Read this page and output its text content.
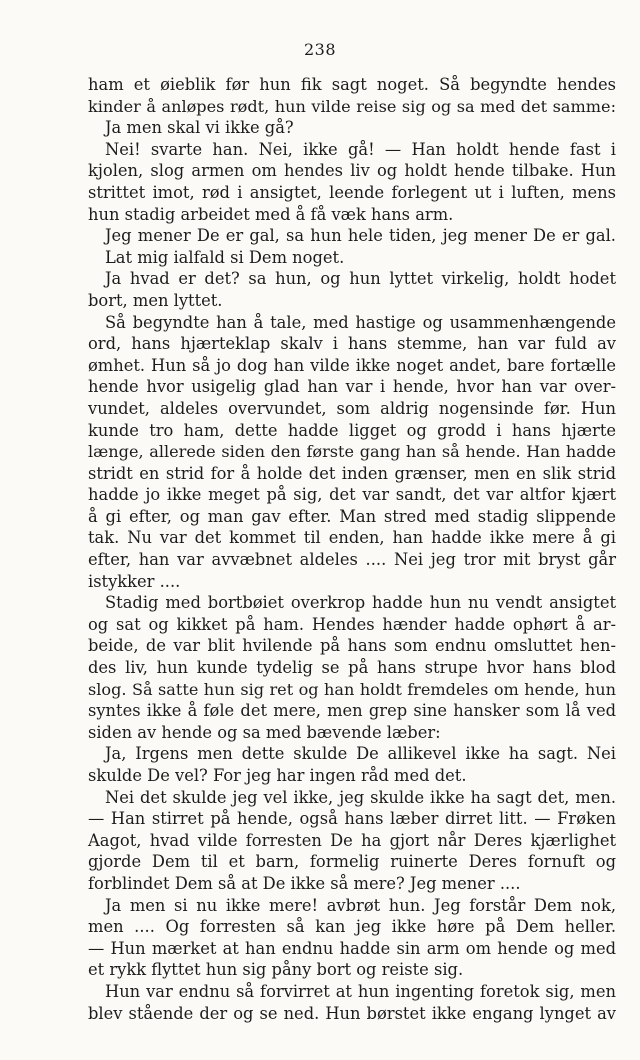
238
ham et øieblik før hun fik sagt noget. Så begyndte hendes
kinder å anløpes rødt, hun vilde reise sig og sa med det samme:
Ja men skal vi ikke gå?
Nei! svarte han. Nei, ikke gå! — Han holdt hende fast i
kjolen, slog armen om hendes liv og holdt hende tilbake. Hun
strittet imot, rød i ansigtet, leende forlegent ut i luften, mens
hun stadig arbeidet med å få væk hans arm.
Jeg mener De er gal, sa hun hele tiden, jeg mener De er gal.
Lat mig ialfald si Dem noget.
Ja hvad er det? sa hun, og hun lyttet virkelig, holdt hodet
bort, men lyttet.
Så begyndte han å tale, med hastige og usammenhængende
ord, hans hjærteklap skalv i hans stemme, han var fuld av
ømhet. Hun så jo dog han vilde ikke noget andet, bare fortælle
hende hvor usigelig glad han var i hende, hvor han var over-
vundet, aldeles overvundet, som aldrig nogensinde før. Hun
kunde tro ham, dette hadde ligget og grodd i hans hjærte
længe, allerede siden den første gang han så hende. Han hadde
stridt en strid for å holde det inden grænser, men en slik strid
hadde jo ikke meget på sig, det var sandt, det var altfor kjært
å gi efter, og man gav efter. Man stred med stadig slippende
tak. Nu var det kommet til enden, han hadde ikke mere å gi
efter, han var avvæbnet aldeles .... Nei jeg tror mit bryst går
istykker ....
Stadig med bortbøiet overkrop hadde hun nu vendt ansigtet
og sat og kikket på ham. Hendes hænder hadde ophørt å ar-
beide, de var blit hvilende på hans som endnu omsluttet hen-
des liv, hun kunde tydelig se på hans strupe hvor hans blod
slog. Så satte hun sig ret og han holdt fremdeles om hende, hun
syntes ikke å føle det mere, men grep sine hansker som lå ved
siden av hende og sa med bævende læber:
Ja, Irgens men dette skulde De allikevel ikke ha sagt. Nei
skulde De vel? For jeg har ingen råd med det.
Nei det skulde jeg vel ikke, jeg skulde ikke ha sagt det, men.
— Han stirret på hende, også hans læber dirret litt. — Frøken
Aagot, hvad vilde forresten De ha gjort når Deres kjærlighet
gjorde Dem til et barn, formelig ruinerte Deres fornuft og
forblindet Dem så at De ikke så mere? Jeg mener ....
Ja men si nu ikke mere! avbrøt hun. Jeg forstår Dem nok,
men .... Og forresten så kan jeg ikke høre på Dem heller.
— Hun mærket at han endnu hadde sin arm om hende og med
et rykk flyttet hun sig påny bort og reiste sig.
Hun var endnu så forvirret at hun ingenting foretok sig, men
blev stående der og se ned. Hun børstet ikke engang lynget av
